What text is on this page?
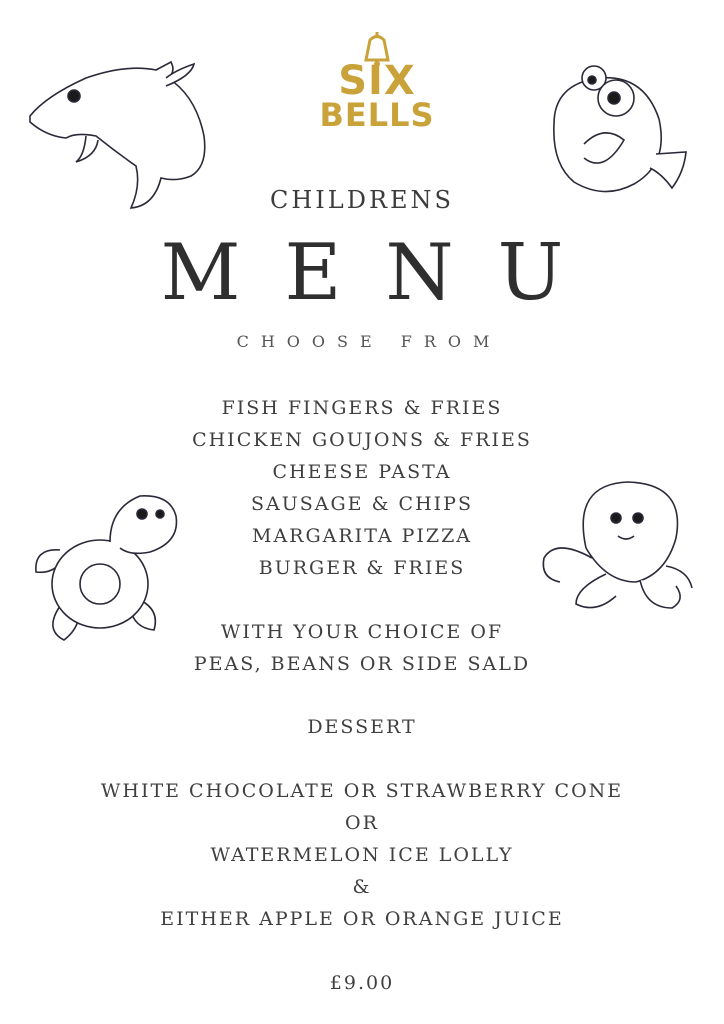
SIX
BELLS
CHILDRENS
MENU
CHOOSE FROM
FISH FINGERS & FRIES
CHICKEN GOUJONS & FRIES
CHEESE PASTA
SAUSAGE & CHIPS
MARGARITA PIZZA
BURGER & FRIES
WITH YOUR CHOICE OF
PEAS, BEANS OR SIDE SALD
DESSERT
WHITE CHOCOLATE OR STRAWBERRY CONE
OR
WATERMELON ICE LOLLY
&
EITHER APPLE OR ORANGE JUICE
£9.00
